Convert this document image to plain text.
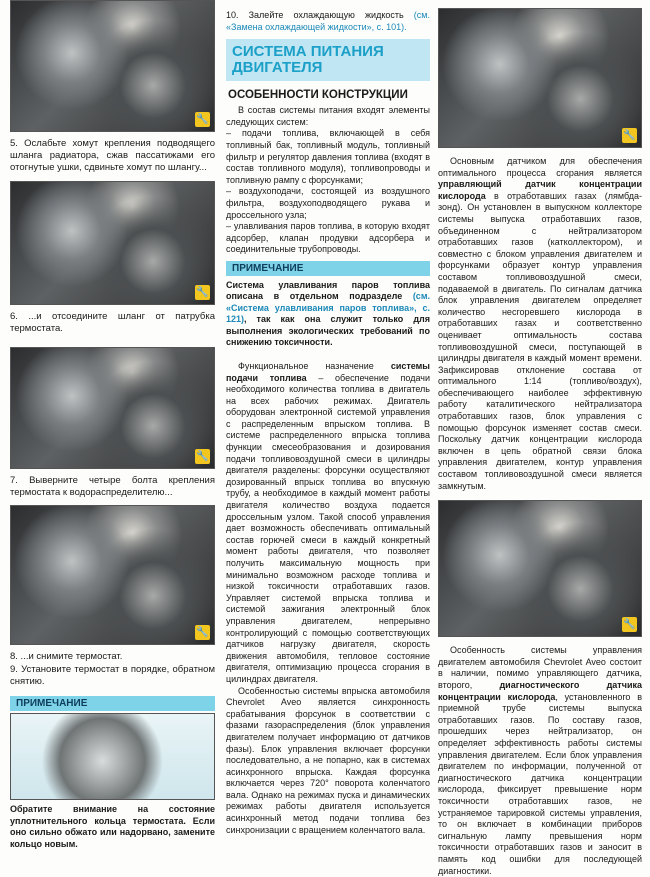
🔧
5. Ослабьте хомут крепления подводящего шланга радиатора, сжав пассатижами его отогнутые ушки, сдвиньте хомут по шлангу...
🔧
6. ...и отсоедините шланг от патрубка термостата.
🔧
7. Выверните четыре болта крепления термостата к водораспределителю...
🔧

8. ...и снимите термостат.

9. Установите термостат в порядке, обратном снятию.

ПРИМЕЧАНИЕ
Обратите внимание на состояние уплотнительного кольца термостата. Если оно сильно обжато или надорвано, замените кольцо новым.
10. Залейте охлаждающую жидкость (см. «Замена охлаждающей жидкости», с. 101).
СИСТЕМА ПИТАНИЯ ДВИГАТЕЛЯ
ОСОБЕННОСТИ КОНСТРУКЦИИ

В состав системы питания входят элементы следующих систем:

– подачи топлива, включающей в себя топливный бак, топливный модуль, топливный фильтр и регулятор давления топлива (входят в состав топливного модуля), топливопроводы и топливную рампу с форсунками;

– воздухоподачи, состоящей из воздушного фильтра, воздухоподводящего рукава и дроссельного узла;

– улавливания паров топлива, в которую входят адсорбер, клапан продувки адсорбера и соединительные трубопроводы.

ПРИМЕЧАНИЕ
Система улавливания паров топлива описана в отдельном подразделе (см. «Система улавливания паров топлива», с. 121), так как она служит только для выполнения экологических требований по снижению токсичности.

Функциональное назначение системы подачи топлива – обеспечение подачи необходимого количества топлива в двигатель на всех рабочих режимах. Двигатель оборудован электронной системой управления с распределенным впрыском топлива. В системе распределенного впрыска топлива функции смесеобразования и дозирования подачи топливовоздушной смеси в цилиндры двигателя разделены: форсунки осуществляют дозированный впрыск топлива во впускную трубу, а необходимое в каждый момент работы двигателя количество воздуха подается дроссельным узлом. Такой способ управления дает возможность обеспечивать оптимальный состав горючей смеси в каждый конкретный момент работы двигателя, что позволяет получить максимальную мощность при минимально возможном расходе топлива и низкой токсичности отработавших газов. Управляет системой впрыска топлива и системой зажигания электронный блок управления двигателем, непрерывно контролирующий с помощью соответствующих датчиков нагрузку двигателя, скорость движения автомобиля, тепловое состояние двигателя, оптимизацию процесса сгорания в цилиндрах двигателя.

Особенностью системы впрыска автомобиля Chevrolet Aveo является синхронность срабатывания форсунок в соответствии с фазами газораспределения (блок управления двигателем получает информацию от датчиков фазы). Блок управления включает форсунки последовательно, а не попарно, как в системах асинхронного впрыска. Каждая форсунка включается через 720° поворота коленчатого вала. Однако на режимах пуска и динамических режимах работы двигателя используется асинхронный метод подачи топлива без синхронизации с вращением коленчатого вала.

🔧

Основным датчиком для обеспечения оптимального процесса сгорания является управляющий датчик концентрации кислорода в отработавших газах (лямбда-зонд). Он установлен в выпускном коллекторе системы выпуска отработавших газов, объединенном с нейтрализатором отработавших газов (катколлектором), и совместно с блоком управления двигателем и форсунками образует контур управления составом топливовоздушной смеси, подаваемой в двигатель. По сигналам датчика блок управления двигателем определяет количество несгоревшего кислорода в отработавших газах и соответственно оценивает оптимальность состава топливовоздушной смеси, поступающей в цилиндры двигателя в каждый момент времени. Зафиксировав отклонение состава от оптимального 1:14 (топливо/воздух), обеспечивающего наиболее эффективную работу каталитического нейтрализатора отработавших газов, блок управления с помощью форсунок изменяет состав смеси. Поскольку датчик концентрации кислорода включен в цепь обратной связи блока управления двигателем, контур управления составом топливовоздушной смеси является замкнутым.

🔧

Особенность системы управления двигателем автомобиля Chevrolet Aveo состоит в наличии, помимо управляющего датчика, второго,	диагностического датчика концентрации кислорода, установленного в приемной трубе системы выпуска отработавших газов. По составу газов, прошедших через нейтрализатор, он определяет эффективность работы системы управления двигателем. Если блок управления двигателем по информации, полученной от диагностического датчика концентрации кислорода, фиксирует превышение норм токсичности отработавших газов, не устраняемое тарировкой системы управления, то он включает в комбинации приборов сигнальную лампу превышения норм токсичности отработавших газов и заносит в память код ошибки для последующей диагностики.
